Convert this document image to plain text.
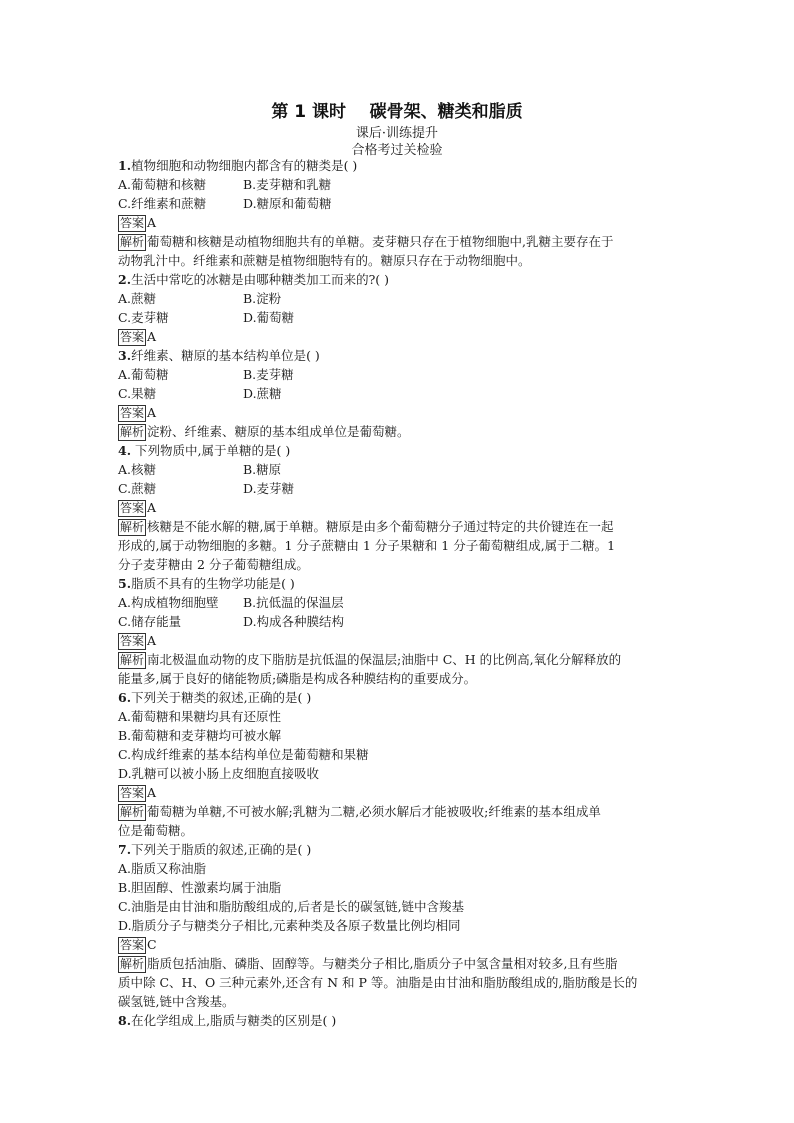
第 1 课时    碳骨架、糖类和脂质
课后·训练提升
合格考过关检验
1.植物细胞和动物细胞内都含有的糖类是( )
A.葡萄糖和核糖	B.麦芽糖和乳糖
C.纤维素和蔗糖	D.糖原和葡萄糖
答案 A
解析 葡萄糖和核糖是动植物细胞共有的单糖。麦芽糖只存在于植物细胞中,乳糖主要存在于
动物乳汁中。纤维素和蔗糖是植物细胞特有的。糖原只存在于动物细胞中。
2.生活中常吃的冰糖是由哪种糖类加工而来的?( )
A.蔗糖	B.淀粉
C.麦芽糖	D.葡萄糖
答案 A
3.纤维素、糖原的基本结构单位是( )
A.葡萄糖	B.麦芽糖
C.果糖	D.蔗糖
答案 A
解析 淀粉、纤维素、糖原的基本组成单位是葡萄糖。
4. 下列物质中,属于单糖的是( )
A.核糖	B.糖原
C.蔗糖	D.麦芽糖
答案 A
解析 核糖是不能水解的糖,属于单糖。糖原是由多个葡萄糖分子通过特定的共价键连在一起
形成的,属于动物细胞的多糖。1 分子蔗糖由 1 分子果糖和 1 分子葡萄糖组成,属于二糖。1
分子麦芽糖由 2 分子葡萄糖组成。
5.脂质不具有的生物学功能是( )
A.构成植物细胞壁 B.抗低温的保温层
C.储存能量	D.构成各种膜结构
答案 A
解析 南北极温血动物的皮下脂肪是抗低温的保温层;油脂中 C、H 的比例高,氧化分解释放的
能量多,属于良好的储能物质;磷脂是构成各种膜结构的重要成分。
6.下列关于糖类的叙述,正确的是( )
A.葡萄糖和果糖均具有还原性
B.葡萄糖和麦芽糖均可被水解
C.构成纤维素的基本结构单位是葡萄糖和果糖
D.乳糖可以被小肠上皮细胞直接吸收
答案 A
解析 葡萄糖为单糖,不可被水解;乳糖为二糖,必须水解后才能被吸收;纤维素的基本组成单
位是葡萄糖。
7.下列关于脂质的叙述,正确的是( )
A.脂质又称油脂
B.胆固醇、性激素均属于油脂
C.油脂是由甘油和脂肪酸组成的,后者是长的碳氢链,链中含羧基
D.脂质分子与糖类分子相比,元素种类及各原子数量比例均相同
答案 C
解析 脂质包括油脂、磷脂、固醇等。与糖类分子相比,脂质分子中氢含量相对较多,且有些脂
质中除 C、H、O 三种元素外,还含有 N 和 P 等。油脂是由甘油和脂肪酸组成的,脂肪酸是长的
碳氢链,链中含羧基。
8.在化学组成上,脂质与糖类的区别是( )
